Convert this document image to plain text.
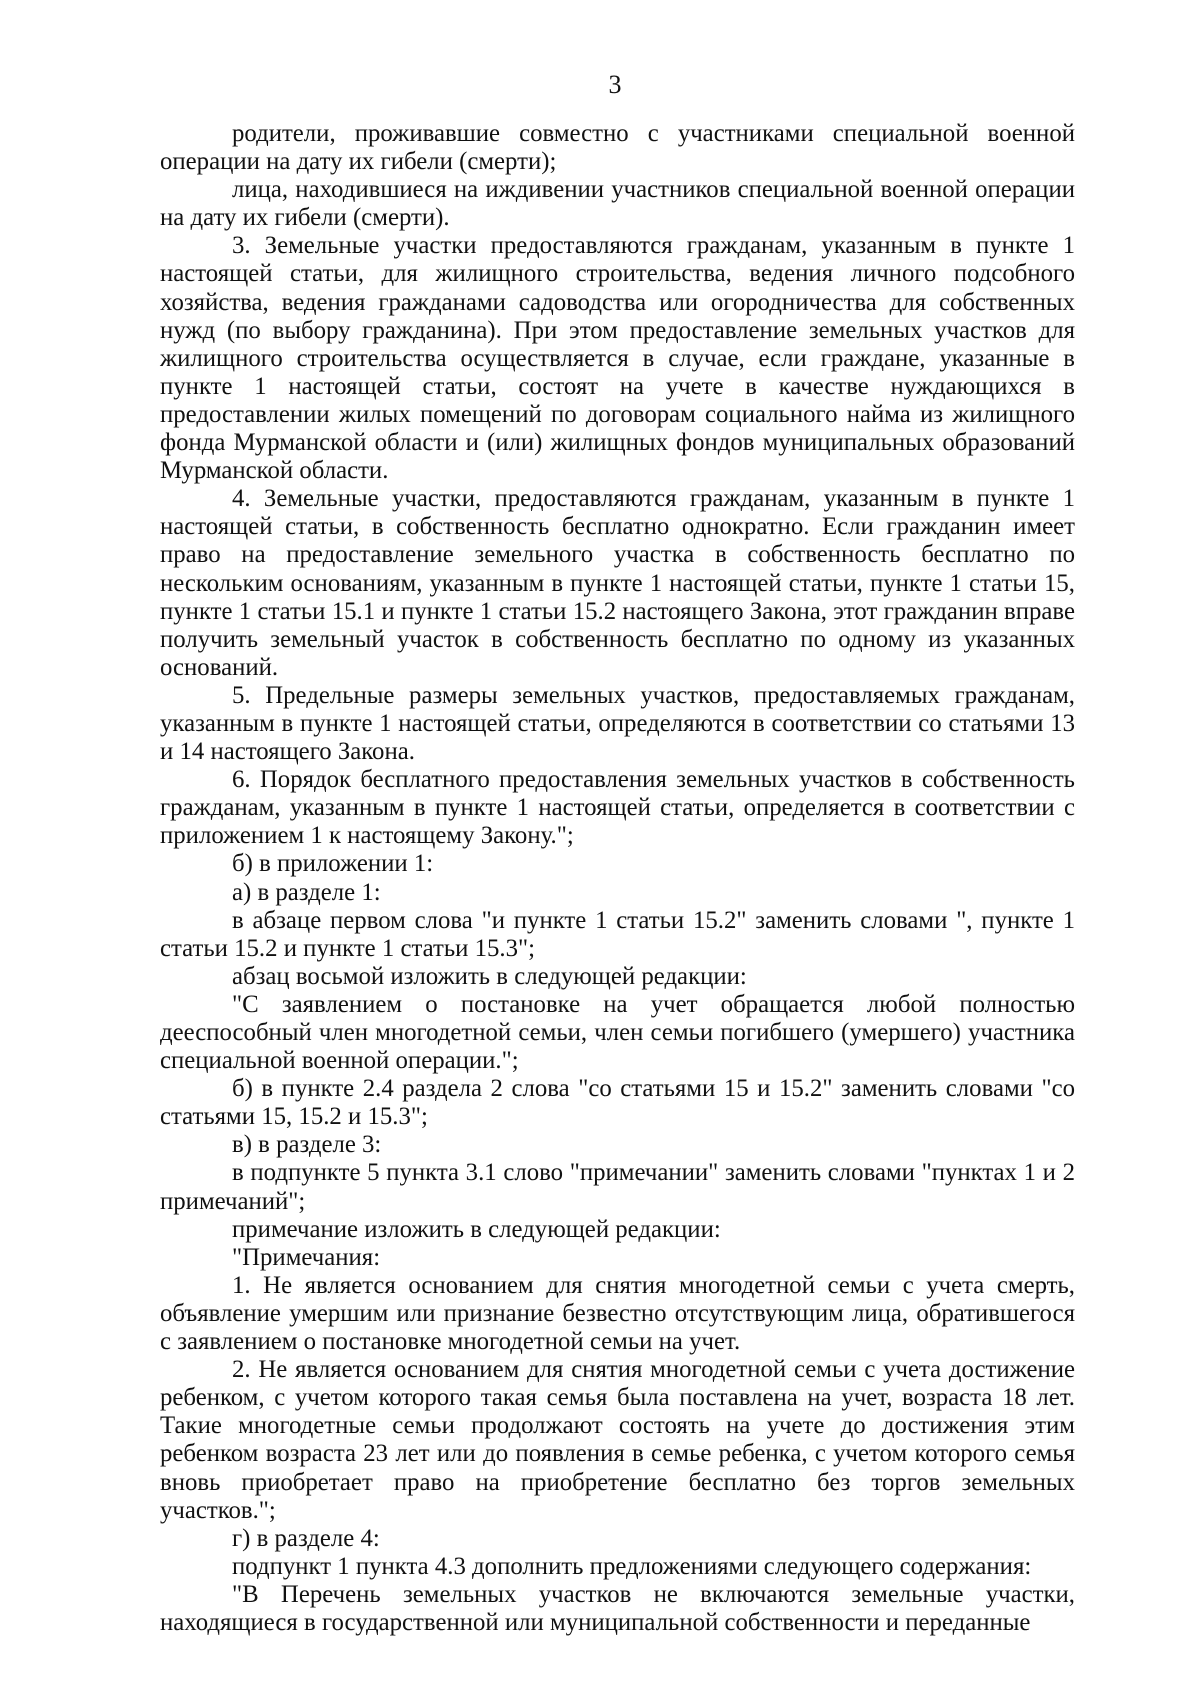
3

родители, проживавшие совместно с участниками специальной военной операции на дату их гибели (смерти);

лица, находившиеся на иждивении участников специальной военной операции на дату их гибели (смерти).

3. Земельные участки предоставляются гражданам, указанным в пункте 1 настоящей статьи, для жилищного строительства, ведения личного подсобного хозяйства, ведения гражданами садоводства или огородничества для собственных нужд (по выбору гражданина). При этом предоставление земельных участков для жилищного строительства осуществляется в случае, если граждане, указанные в пункте 1 настоящей статьи, состоят на учете в качестве нуждающихся в предоставлении жилых помещений по договорам социального найма из жилищного фонда Мурманской области и (или) жилищных фондов муниципальных образований Мурманской области.

4. Земельные участки, предоставляются гражданам, указанным в пункте 1 настоящей статьи, в собственность бесплатно однократно. Если гражданин имеет право на предоставление земельного участка в собственность бесплатно по нескольким основаниям, указанным в пункте 1 настоящей статьи, пункте 1 статьи 15, пункте 1 статьи 15.1 и пункте 1 статьи 15.2 настоящего Закона, этот гражданин вправе получить земельный участок в собственность бесплатно по одному из указанных оснований.

5. Предельные размеры земельных участков, предоставляемых гражданам, указанным в пункте 1 настоящей статьи, определяются в соответствии со статьями 13 и 14 настоящего Закона.

6. Порядок бесплатного предоставления земельных участков в собственность гражданам, указанным в пункте 1 настоящей статьи, определяется в соответствии с приложением 1 к настоящему Закону.";

б) в приложении 1:

а) в разделе 1:

в абзаце первом слова "и пункте 1 статьи 15.2" заменить словами ", пункте 1 статьи 15.2 и пункте 1 статьи 15.3";

абзац восьмой изложить в следующей редакции:

"С заявлением о постановке на учет обращается любой полностью дееспособный член многодетной семьи, член семьи погибшего (умершего) участника специальной военной операции.";

б) в пункте 2.4 раздела 2 слова "со статьями 15 и 15.2" заменить словами "со статьями 15, 15.2 и 15.3";

в) в разделе 3:

в подпункте 5 пункта 3.1 слово "примечании" заменить словами "пунктах 1 и 2 примечаний";

примечание изложить в следующей редакции:

"Примечания:

1. Не является основанием для снятия многодетной семьи с учета смерть, объявление умершим или признание безвестно отсутствующим лица, обратившегося с заявлением о постановке многодетной семьи на учет.

2. Не является основанием для снятия многодетной семьи с учета достижение ребенком, с учетом которого такая семья была поставлена на учет, возраста 18 лет. Такие многодетные семьи продолжают состоять на учете до достижения этим ребенком возраста 23 лет или до появления в семье ребенка, с учетом которого семья вновь приобретает право на приобретение бесплатно без торгов земельных участков.";

г) в разделе 4:

подпункт 1 пункта 4.3 дополнить предложениями следующего содержания:

"В Перечень земельных участков не включаются земельные участки, находящиеся в государственной или муниципальной собственности и переданные
